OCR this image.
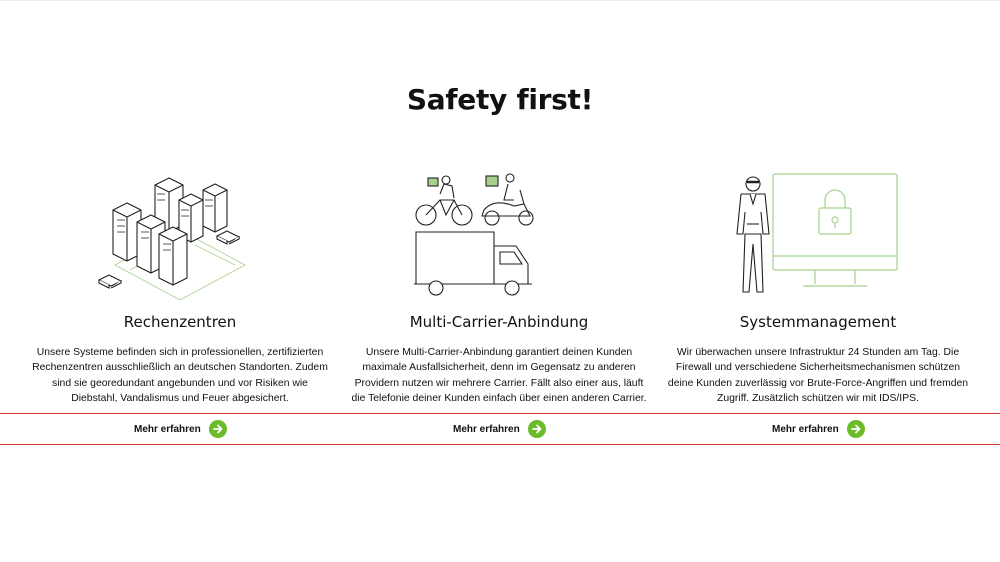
Safety first!
Rechenzentren
Unsere Systeme befinden sich in professionellen, zertifizierten
Rechenzentren ausschließlich an deutschen Standorten. Zudem
sind sie georedundant angebunden und vor Risiken wie
Diebstahl, Vandalismus und Feuer abgesichert.
Multi-Carrier-Anbindung
Unsere Multi-Carrier-Anbindung garantiert deinen Kunden
maximale Ausfallsicherheit, denn im Gegensatz zu anderen
Providern nutzen wir mehrere Carrier. Fällt also einer aus, läuft
die Telefonie deiner Kunden einfach über einen anderen Carrier.
Systemmanagement
Wir überwachen unsere Infrastruktur 24 Stunden am Tag. Die
Firewall und verschiedene Sicherheitsmechanismen schützen
deine Kunden zuverlässig vor Brute-Force-Angriffen und fremden
Zugriff. Zusätzlich schützen wir mit IDS/IPS.
Mehr erfahren	Mehr erfahren	Mehr erfahren
